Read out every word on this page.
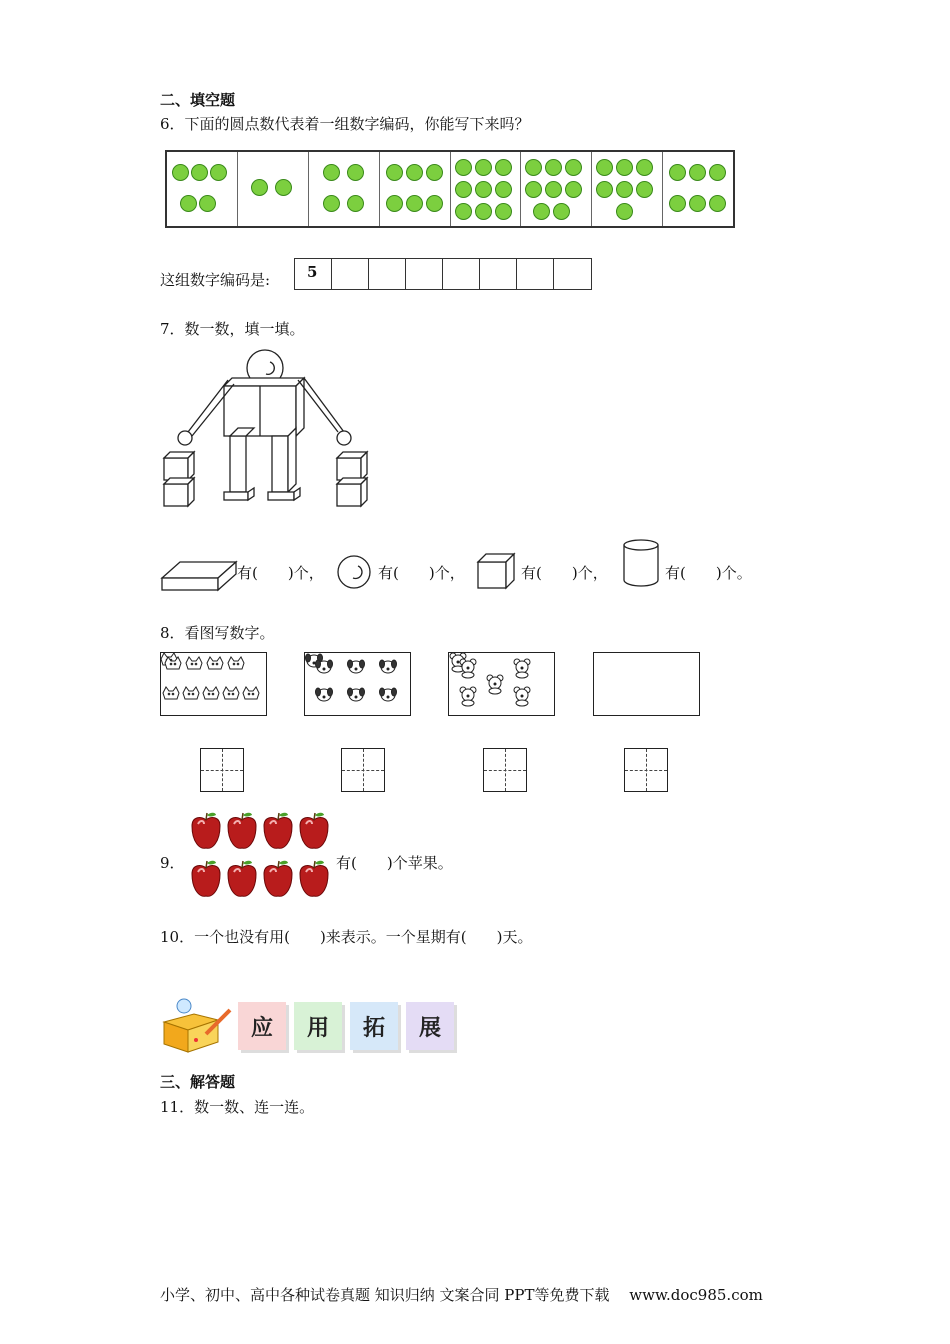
二、填空题
6．下面的圆点数代表着一组数字编码，你能写下来吗？
这组数字编码是:	5
7．数一数，填一填。
有(　　)个，	有(　　)个，	有(　　)个，	有(　　)个。
8．看图写数字。
9．	有(　　)个苹果。
10．一个也没有用(　　)来表示。一个星期有(　　)天。
应 用 拓 展
三、解答题
11．数一数、连一连。
小学、初中、高中各种试卷真题 知识归纳 文案合同 PPT等免费下载　 www.doc985.com
